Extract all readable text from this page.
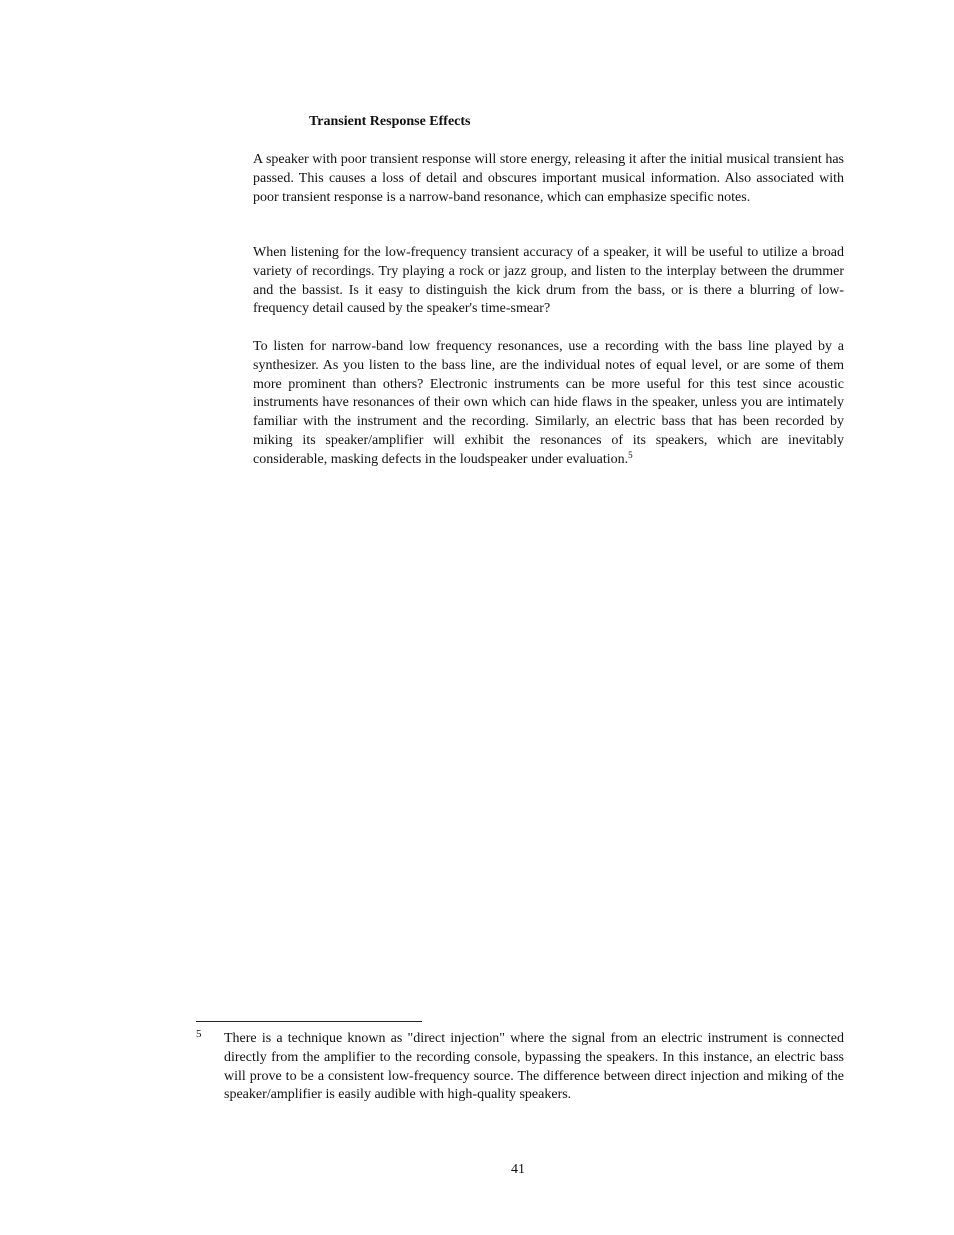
Transient Response Effects

A speaker with poor transient response will store energy, releasing it after the initial musical transient has passed. This causes a loss of detail and obscures important musical information. Also associated with poor transient response is a narrow-band resonance, which can emphasize specific notes.

When listening for the low-frequency transient accuracy of a speaker, it will be useful to utilize a broad variety of recordings. Try playing a rock or jazz group, and listen to the interplay between the drummer and the bassist. Is it easy to distinguish the kick drum from the bass, or is there a blurring of low-frequency detail caused by the speaker's time-smear?

To listen for narrow-band low frequency resonances, use a recording with the bass line played by a synthesizer. As you listen to the bass line, are the individual notes of equal level, or are some of them more prominent than others? Electronic instruments can be more useful for this test since acoustic instruments have resonances of their own which can hide flaws in the speaker, unless you are intimately familiar with the instrument and the recording. Similarly, an electric bass that has been recorded by miking its speaker/amplifier will exhibit the resonances of its speakers, which are inevitably considerable, masking defects in the loudspeaker under evaluation.$^5$

5 There is a technique known as "direct injection" where the signal from an electric instrument is connected directly from the amplifier to the recording console, bypassing the speakers. In this instance, an electric bass will prove to be a consistent low-frequency source. The difference between direct injection and miking of the speaker/amplifier is easily audible with high-quality speakers.

41
